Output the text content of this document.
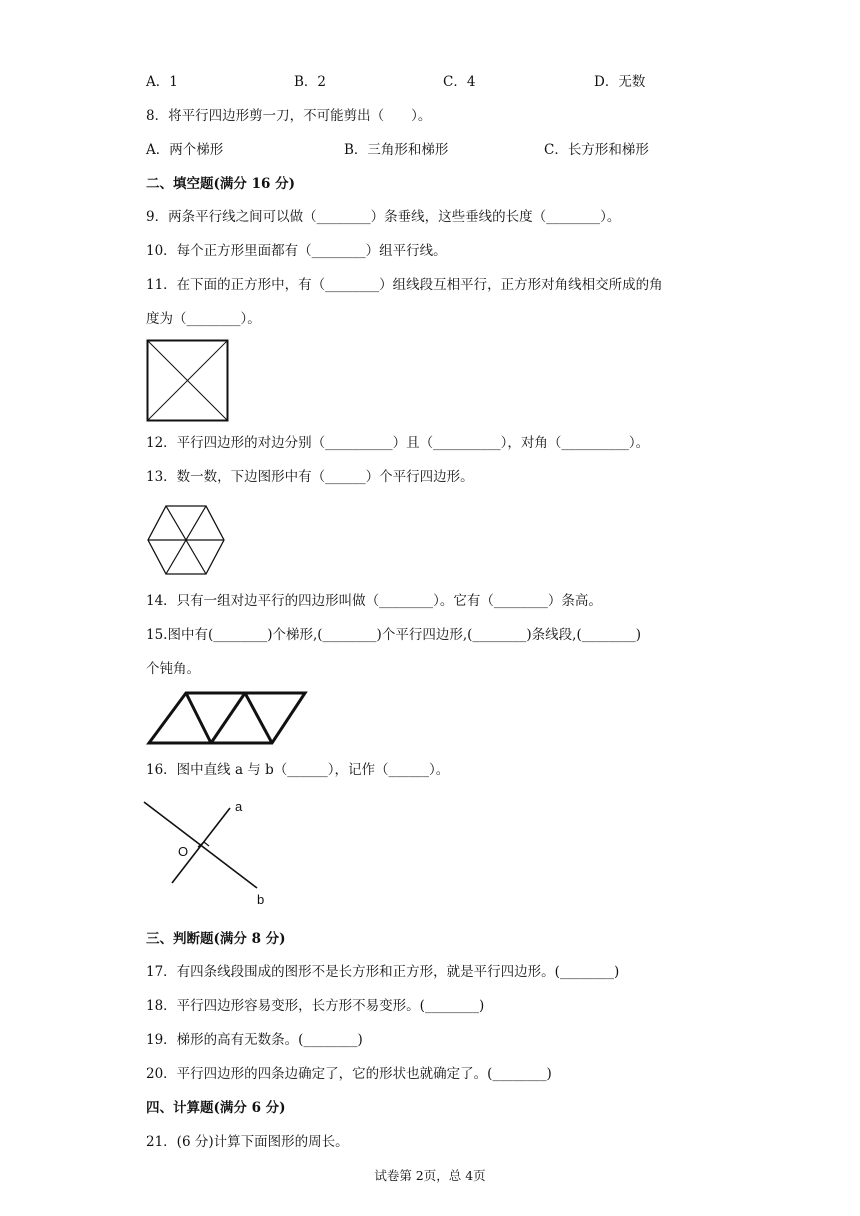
A．1	B．2	C．4	D．无数
8．将平行四边形剪一刀，不可能剪出（　　）。
A．两个梯形	B．三角形和梯形	C．长方形和梯形
二、填空题(满分 16 分)
9．两条平行线之间可以做（________）条垂线，这些垂线的长度（________）。
10．每个正方形里面都有（________）组平行线。
11．在下面的正方形中，有（________）组线段互相平行，正方形对角线相交所成的角
度为（________）。
12．平行四边形的对边分别（__________）且（__________），对角（__________）。
13．数一数，下边图形中有（______）个平行四边形。
14．只有一组对边平行的四边形叫做（________）。它有（________）条高。
15.图中有(________)个梯形,(________)个平行四边形,(________)条线段,(________)
个钝角。
16．图中直线 a 与 b（______），记作（______）。
a
b
O
三、判断题(满分 8 分)
17．有四条线段围成的图形不是长方形和正方形，就是平行四边形。(________)
18．平行四边形容易变形，长方形不易变形。(________)
19．梯形的高有无数条。(________)
20．平行四边形的四条边确定了，它的形状也就确定了。(________)
四、计算题(满分 6 分)
21．(6 分)计算下面图形的周长。
试卷第 2页，总 4页
